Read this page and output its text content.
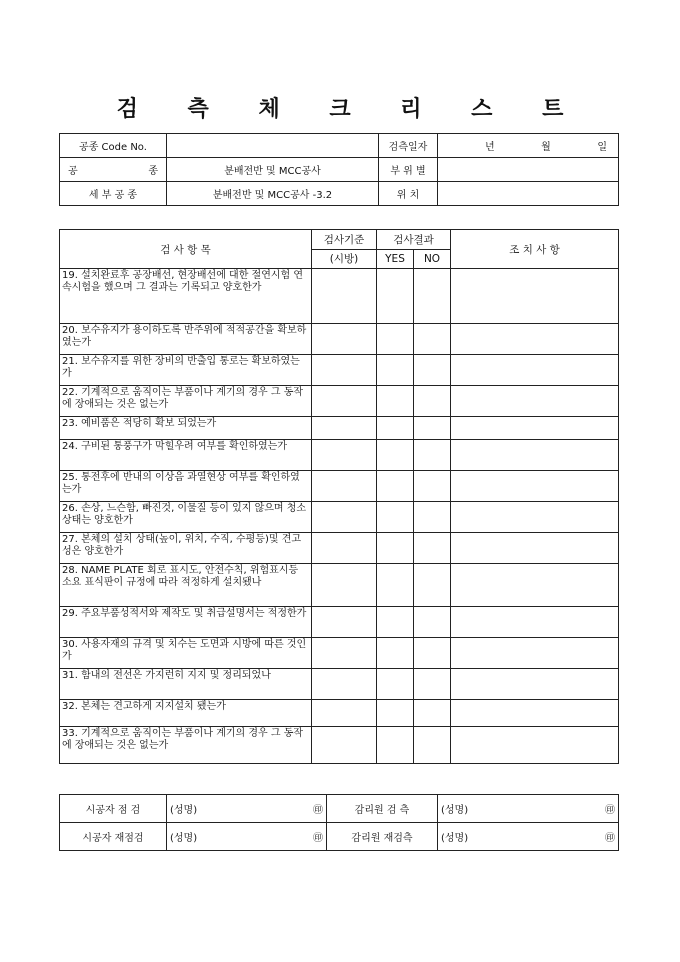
검 측 체 크 리 스 트
공종 Code No.		검측일자	년 월 일

공 종	분배전반 및 MCC공사	부 위 별	
세 부 공 종	분배전반 및 MCC공사 -3.2	위 치	
검 사 항 목	검사기준	검사결과		조 치 사 항
	(시방)	YES	NO	
19. 설치완료후 공장배선, 현장배선에 대한 절연시험 연속시험을 했으며 그 결과는 기록되고 양호한가				
20. 보수유지가 용이하도록 반주위에 적적공간을 확보하였는가				
21. 보수유지를 위한 장비의 반출입 통로는 확보하였는가				
22. 기계적으로 움직이는 부품이나 계기의 경우 그 동작에 장애되는 것은 없는가				
23. 예비품은 적당히 확보 되었는가				
24. 구비된 통풍구가 막힐우려 여부를 확인하였는가				
25. 통전후에 반내의 이상음 과열현상 여부를 확인하였는가				
26. 손상, 느슨함, 빠진것, 이물질 등이 있지 않으며 청소 상태는 양호한가				
27. 본체의 설치 상태(높이, 위치, 수직, 수평등)및 견고성은 양호한가				
28. NAME PLATE 회로 표시도, 안전수칙, 위험표시등 소요 표식판이 규정에 따라 적정하게 설치됐나				
29. 주요부품성적서와 제작도 및 취급설명서는 적정한가				
30. 사용자재의 규격 및 치수는 도면과 시방에 따른 것인가				
31. 함내의 전선은 가지런히 지지 및 정리되었나				
32. 본체는 견고하게 지지설치 됐는가				
33. 기계적으로 움직이는 부품이나 계기의 경우 그 동작에 장애되는 것은 없는가				
시공자 점 검	(성명) ㊞	감리원 검 측	(성명) ㊞

시공자 재점검	(성명) ㊞	감리원 재검측	(성명) ㊞
